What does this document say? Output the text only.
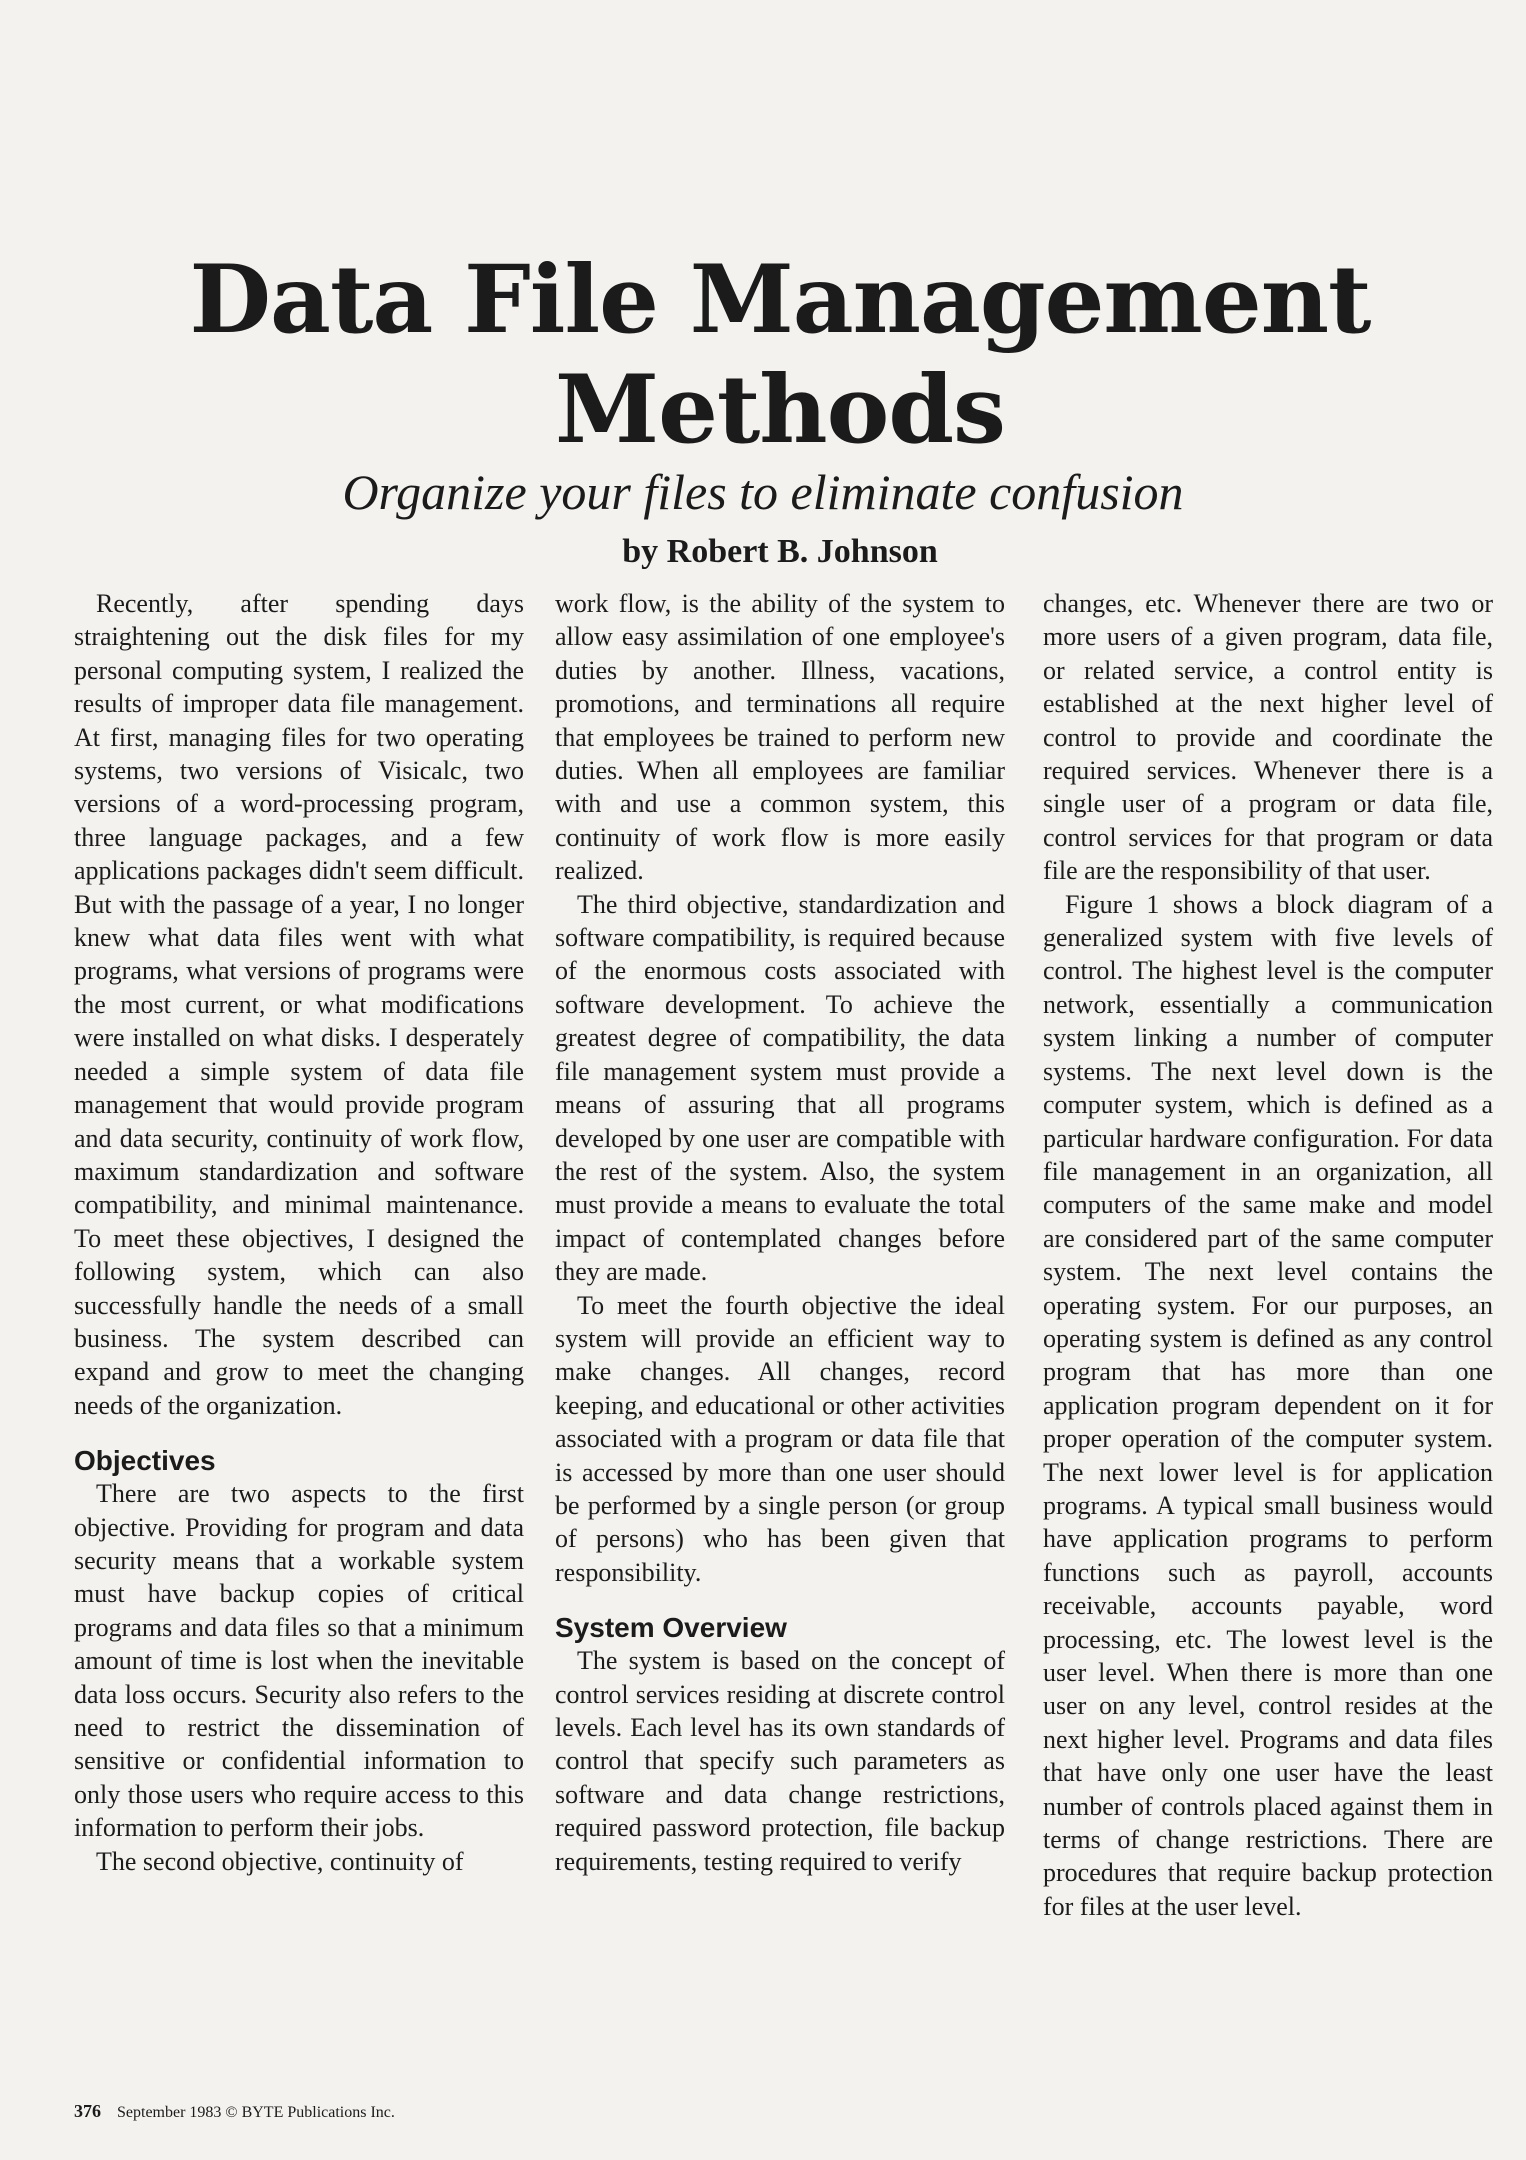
Data File Management Methods
Organize your files to eliminate confusion
by Robert B. Johnson

Recently, after spending days straightening out the disk files for my personal computing system, I realized the results of improper data file management. At first, managing files for two operating systems, two versions of Visicalc, two versions of a word-processing program, three language packages, and a few applications packages didn't seem difficult. But with the passage of a year, I no longer knew what data files went with what programs, what versions of programs were the most current, or what modifications were installed on what disks. I desperately needed a simple system of data file management that would provide program and data security, continuity of work flow, maximum standardization and software compatibility, and minimal maintenance. To meet these objectives, I designed the following system, which can also successfully handle the needs of a small business. The system described can expand and grow to meet the changing needs of the organization.

Objectives

There are two aspects to the first objective. Providing for program and data security means that a workable system must have backup copies of critical programs and data files so that a minimum amount of time is lost when the inevitable data loss occurs. Security also refers to the need to restrict the dissemination of sensitive or confidential information to only those users who require access to this information to perform their jobs.

The second objective, continuity of

work flow, is the ability of the system to allow easy assimilation of one employee's duties by another. Illness, vacations, promotions, and terminations all require that employees be trained to perform new duties. When all employees are familiar with and use a common system, this continuity of work flow is more easily realized.

The third objective, standardization and software compatibility, is required because of the enormous costs associated with software development. To achieve the greatest degree of compatibility, the data file management system must provide a means of assuring that all programs developed by one user are compatible with the rest of the system. Also, the system must provide a means to evaluate the total impact of contemplated changes before they are made.

To meet the fourth objective the ideal system will provide an efficient way to make changes. All changes, record keeping, and educational or other activities associated with a program or data file that is accessed by more than one user should be performed by a single person (or group of persons) who has been given that responsibility.

System Overview

The system is based on the concept of control services residing at discrete control levels. Each level has its own standards of control that specify such parameters as software and data change restrictions, required password protection, file backup requirements, testing required to verify

changes, etc. Whenever there are two or more users of a given program, data file, or related service, a control entity is established at the next higher level of control to provide and coordinate the required services. Whenever there is a single user of a program or data file, control services for that program or data file are the responsibility of that user.

Figure 1 shows a block diagram of a generalized system with five levels of control. The highest level is the computer network, essentially a communication system linking a number of computer systems. The next level down is the computer system, which is defined as a particular hardware configuration. For data file management in an organization, all computers of the same make and model are considered part of the same computer system. The next level contains the operating system. For our purposes, an operating system is defined as any control program that has more than one application program dependent on it for proper operation of the computer system. The next lower level is for application programs. A typical small business would have application programs to perform functions such as payroll, accounts receivable, accounts payable, word processing, etc. The lowest level is the user level. When there is more than one user on any level, control resides at the next higher level. Programs and data files that have only one user have the least number of controls placed against them in terms of change restrictions. There are procedures that require backup protection for files at the user level.

376 September 1983 © BYTE Publications Inc.
